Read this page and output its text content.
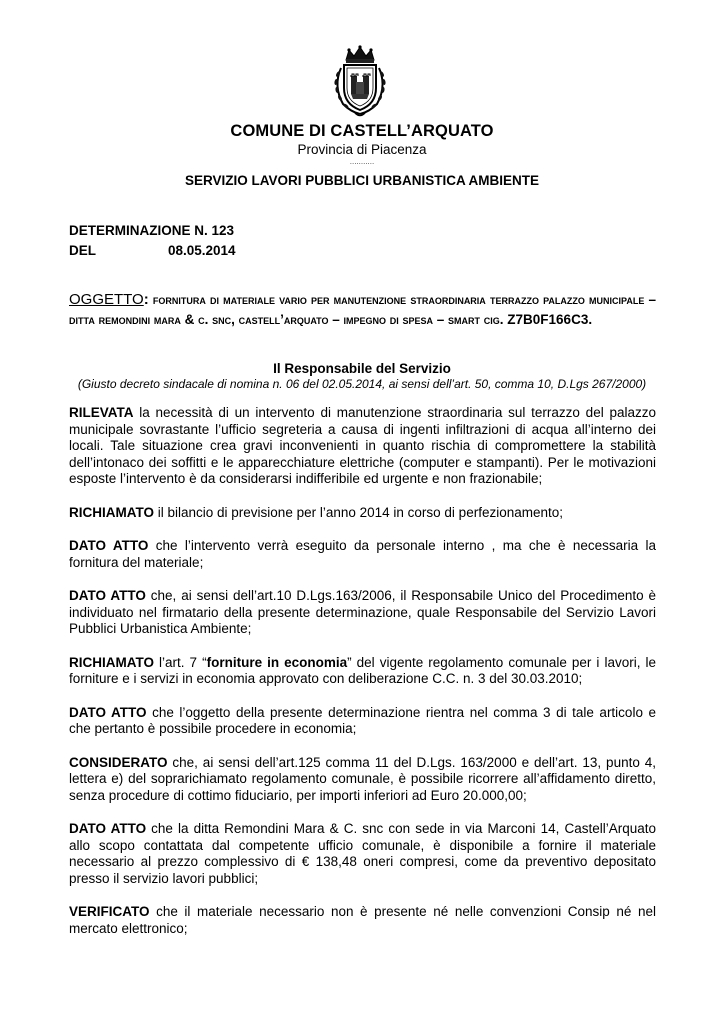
COMUNE DI CASTELL’ARQUATO
Provincia di Piacenza
...........
SERVIZIO LAVORI PUBBLICI URBANISTICA AMBIENTE
DETERMINAZIONE N. 123
DEL	08.05.2014
OGGETTO: fornitura di materiale vario per manutenzione straordinaria terrazzo palazzo municipale – ditta remondini mara & c. snc, castell’arquato – impegno di spesa – smart cig. Z7B0F166C3.
Il Responsabile del Servizio
(Giusto decreto sindacale di nomina n. 06 del 02.05.2014, ai sensi dell’art. 50, comma 10, D.Lgs 267/2000)

RILEVATA la necessità di un intervento di manutenzione straordinaria sul terrazzo del palazzo municipale sovrastante l’ufficio segreteria a causa di ingenti infiltrazioni di acqua all’interno dei locali. Tale situazione crea gravi inconvenienti in quanto rischia di compromettere la stabilità dell’intonaco dei soffitti e le apparecchiature elettriche (computer e stampanti). Per le motivazioni esposte l’intervento è da considerarsi indifferibile ed urgente e non frazionabile;

RICHIAMATO il bilancio di previsione per l’anno 2014 in corso di perfezionamento;

DATO ATTO che l’intervento verrà eseguito da personale interno , ma che è necessaria la fornitura del materiale;

DATO ATTO che, ai sensi dell’art.10 D.Lgs.163/2006, il Responsabile Unico del Procedimento è individuato nel firmatario della presente determinazione, quale Responsabile del Servizio Lavori Pubblici Urbanistica Ambiente;

RICHIAMATO l’art. 7 “forniture in economia” del vigente regolamento comunale per i lavori, le forniture e i servizi in economia approvato con deliberazione C.C. n. 3 del 30.03.2010;

DATO ATTO che l’oggetto della presente determinazione rientra nel comma 3 di tale articolo e che pertanto è possibile procedere in economia;

CONSIDERATO che, ai sensi dell’art.125 comma 11 del D.Lgs. 163/2000 e dell’art. 13, punto 4, lettera e) del soprarichiamato regolamento comunale, è possibile ricorrere all’affidamento diretto, senza procedure di cottimo fiduciario, per importi inferiori ad Euro 20.000,00;

DATO ATTO che la ditta Remondini Mara & C. snc con sede in via Marconi 14, Castell’Arquato allo scopo contattata dal competente ufficio comunale, è disponibile a fornire il materiale necessario al prezzo complessivo di € 138,48 oneri compresi, come da preventivo depositato presso il servizio lavori pubblici;

VERIFICATO che il materiale necessario non è presente né nelle convenzioni Consip né nel mercato elettronico;
